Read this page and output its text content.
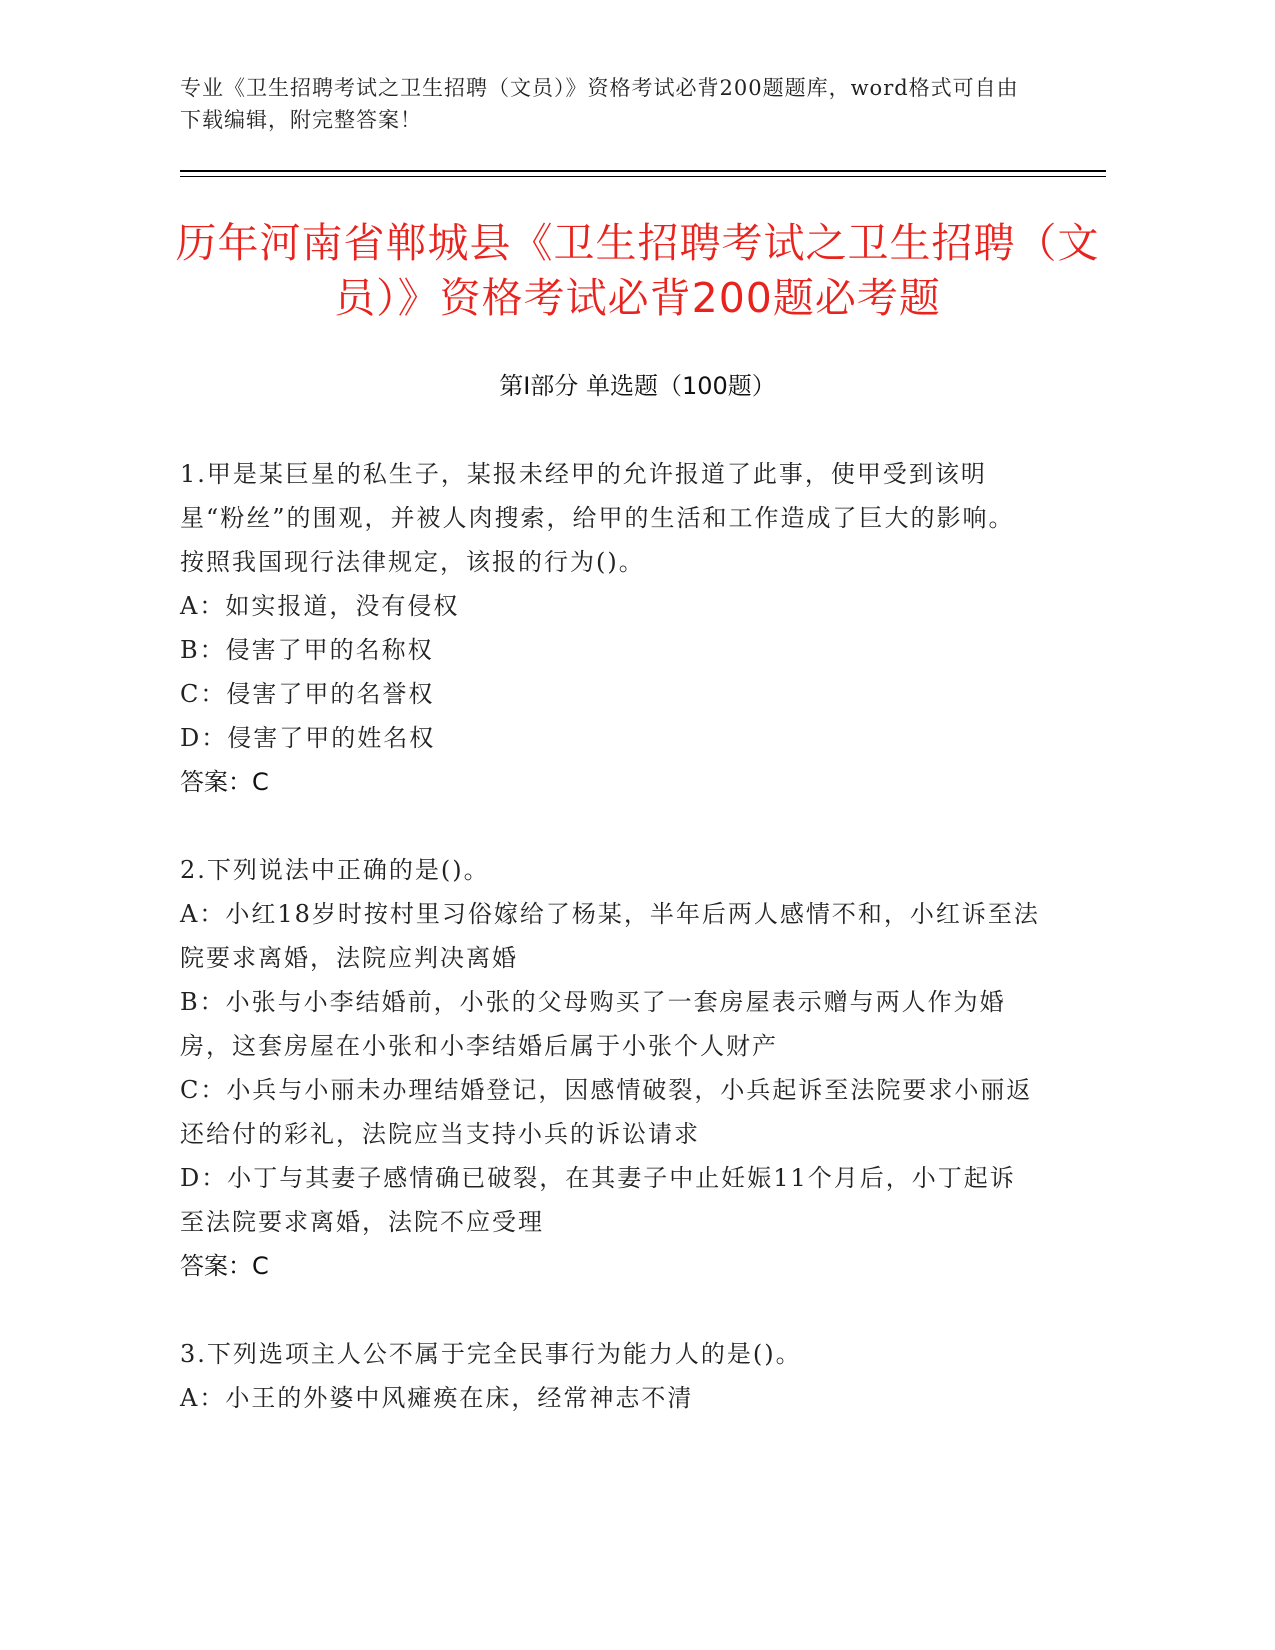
专业《卫生招聘考试之卫生招聘（文员）》资格考试必背200题题库，word格式可自由下载编辑，附完整答案！
历年河南省郸城县《卫生招聘考试之卫生招聘（文员）》资格考试必背200题必考题
第Ⅰ部分 单选题（100题）
1.甲是某巨星的私生子，某报未经甲的允许报道了此事，使甲受到该明星“粉丝”的围观，并被人肉搜索，给甲的生活和工作造成了巨大的影响。按照我国现行法律规定，该报的行为()。
A：如实报道，没有侵权
B：侵害了甲的名称权
C：侵害了甲的名誉权
D：侵害了甲的姓名权
答案：C
2.下列说法中正确的是()。
A：小红18岁时按村里习俗嫁给了杨某，半年后两人感情不和，小红诉至法院要求离婚，法院应判决离婚
B：小张与小李结婚前，小张的父母购买了一套房屋表示赠与两人作为婚房，这套房屋在小张和小李结婚后属于小张个人财产
C：小兵与小丽未办理结婚登记，因感情破裂，小兵起诉至法院要求小丽返还给付的彩礼，法院应当支持小兵的诉讼请求
D：小丁与其妻子感情确已破裂，在其妻子中止妊娠11个月后，小丁起诉至法院要求离婚，法院不应受理
答案：C
3.下列选项主人公不属于完全民事行为能力人的是()。
A：小王的外婆中风瘫痪在床，经常神志不清
